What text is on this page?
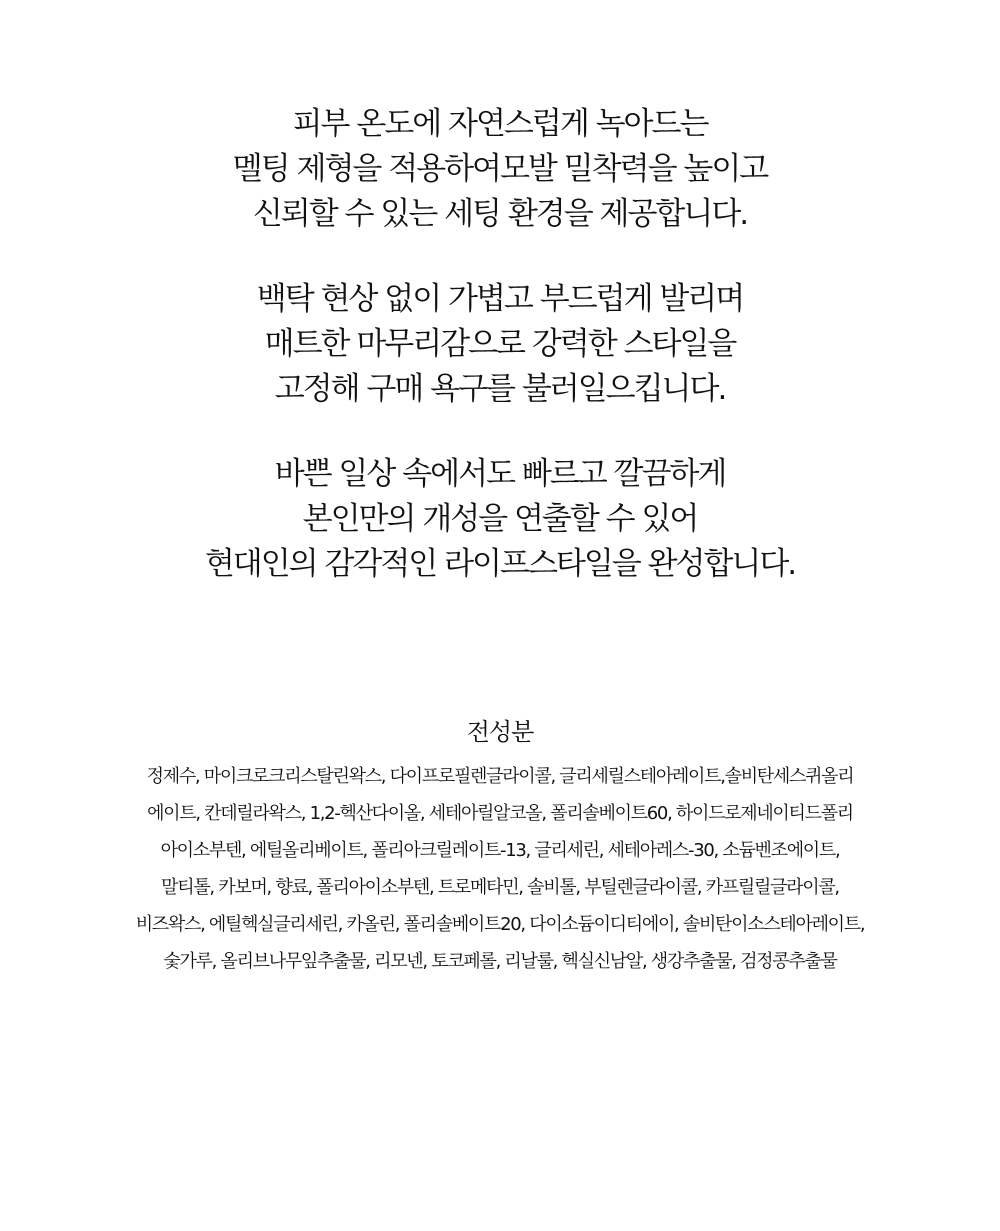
피부 온도에 자연스럽게 녹아드는
멜팅 제형을 적용하여모발 밀착력을 높이고
신뢰할 수 있는 세팅 환경을 제공합니다.
백탁 현상 없이 가볍고 부드럽게 발리며
매트한 마무리감으로 강력한 스타일을
고정해 구매 욕구를 불러일으킵니다.
바쁜 일상 속에서도 빠르고 깔끔하게
본인만의 개성을 연출할 수 있어
현대인의 감각적인 라이프스타일을 완성합니다.
전성분
정제수, 마이크로크리스탈린왁스, 다이프로필렌글라이콜, 글리세릴스테아레이트,솔비탄세스퀴올리
에이트, 칸데릴라왁스, 1,2-헥산다이올, 세테아릴알코올, 폴리솔베이트60, 하이드로제네이티드폴리
아이소부텐, 에틸올리베이트, 폴리아크릴레이트-13, 글리세린, 세테아레스-30, 소듐벤조에이트,
말티톨, 카보머, 향료, 폴리아이소부텐, 트로메타민, 솔비톨, 부틸렌글라이콜, 카프릴릴글라이콜,
비즈왁스, 에틸헥실글리세린, 카올린, 폴리솔베이트20, 다이소듐이디티에이, 솔비탄이소스테아레이트,
숯가루, 올리브나무잎추출물, 리모넨, 토코페롤, 리날룰, 헥실신남알, 생강추출물, 검정콩추출물
